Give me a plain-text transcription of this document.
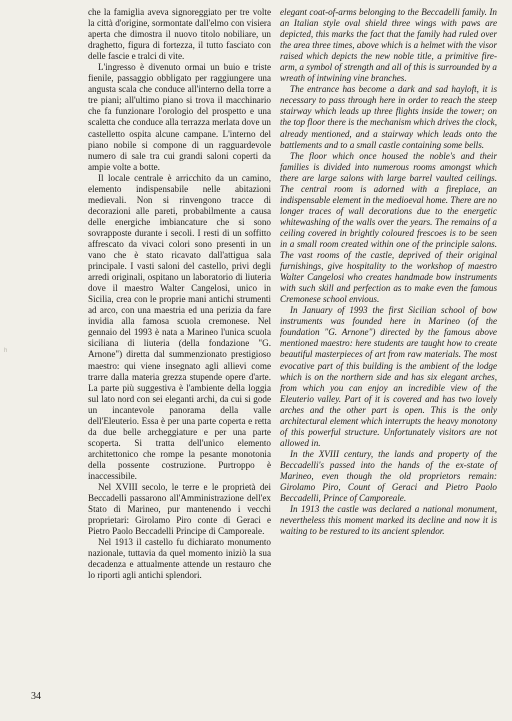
che la famiglia aveva signoreggiato per tre volte la città d'origine, sormontate dall'elmo con visiera aperta che dimostra il nuovo titolo nobiliare, un draghetto, figura di fortezza, il tutto fasciato con delle fascie e tralci di vite.

L'ingresso è divenuto ormai un buio e triste fienile, passaggio obbligato per raggiungere una angusta scala che conduce all'interno della torre a tre piani; all'ultimo piano si trova il macchinario che fa funzionare l'orologio del prospetto e una scaletta che conduce alla terrazza merlata dove un castelletto ospita alcune campane. L'interno del piano nobile si compone di un ragguardevole numero di sale tra cui grandi saloni coperti da ampie volte a botte.

Il locale centrale è arricchito da un camino, elemento indispensabile nelle abitazioni medievali. Non si rinvengono tracce di decorazioni alle pareti, probabilmente a causa delle energiche imbiancature che si sono sovrapposte durante i secoli. I resti di un soffitto affrescato da vivaci colori sono presenti in un vano che è stato ricavato dall'attigua sala principale. I vasti saloni del castello, privi degli arredi originali, ospitano un laboratorio di liuteria dove il maestro Walter Cangelosi, unico in Sicilia, crea con le proprie mani antichi strumenti ad arco, con una maestria ed una perizia da fare invidia alla famosa scuola cremonese. Nel gennaio del 1993 è nata a Marineo l'unica scuola siciliana di liuteria (della fondazione "G. Arnone") diretta dal summenzionato prestigioso maestro: qui viene insegnato agli allievi come trarre dalla materia grezza stupende opere d'arte. La parte più suggestiva è l'ambiente della loggia sul lato nord con sei eleganti archi, da cui si gode un incantevole panorama della valle dell'Eleuterio. Essa è per una parte coperta e retta da due belle archeggiature e per una parte scoperta. Si tratta dell'unico elemento architettonico che rompe la pesante monotonia della possente costruzione. Purtroppo è inaccessibile.

Nel XVIII secolo, le terre e le proprietà dei Beccadelli passarono all'Amministrazione dell'ex Stato di Marineo, pur mantenendo i vecchi proprietari: Girolamo Piro conte di Geraci e Pietro Paolo Beccadelli Principe di Camporeale.

Nel 1913 il castello fu dichiarato monumento nazionale, tuttavia da quel momento iniziò la sua decadenza e attualmente attende un restauro che lo riporti agli antichi splendori.

elegant coat-of-arms belonging to the Beccadelli family. In an Italian style oval shield three wings with paws are depicted, this marks the fact that the family had ruled over the area three times, above which is a helmet with the visor raised which depicts the new noble title, a primitive fire-arm, a symbol of strength and all of this is surrounded by a wreath of intwining vine branches.

The entrance has become a dark and sad hayloft, it is necessary to pass through here in order to reach the steep stairway which leads up three flights inside the tower; on the top floor there is the mechanism which drives the clock, already mentioned, and a stairway which leads onto the battlements and to a small castle containing some bells.

The floor which once housed the noble's and their families is divided into numerous rooms amongst which there are large salons with large barrel vaulted ceilings. The central room is adorned with a fireplace, an indispensable element in the medioeval home. There are no longer traces of wall decorations due to the energetic whitewashing of the walls over the years. The remains of a ceiling covered in brightly coloured frescoes is to be seen in a small room created within one of the principle salons. The vast rooms of the castle, deprived of their original furnishings, give hospitality to the workshop of maestro Walter Cangelosi who creates handmade bow instruments with such skill and perfection as to make even the famous Cremonese school envious.

In January of 1993 the first Sicilian school of bow instruments was founded here in Marineo (of the foundation "G. Arnone") directed by the famous above mentioned maestro: here students are taught how to create beautiful masterpieces of art from raw materials. The most evocative part of this building is the ambient of the lodge which is on the northern side and has six elegant arches, from which you can enjoy an incredible view of the Eleuterio valley. Part of it is covered and has two lovely arches and the other part is open. This is the only architectural element which interrupts the heavy monotony of this powerful structure. Unfortunately visitors are not allowed in.

In the XVIII century, the lands and property of the Beccadelli's passed into the hands of the ex-state of Marineo, even though the old proprietors remain: Girolamo Piro, Count of Geraci and Pietro Paolo Beccadelli, Prince of Camporeale.

In 1913 the castle was declared a national monument, nevertheless this moment marked its decline and now it is waiting to be restured to its ancient splendor.

h
34
